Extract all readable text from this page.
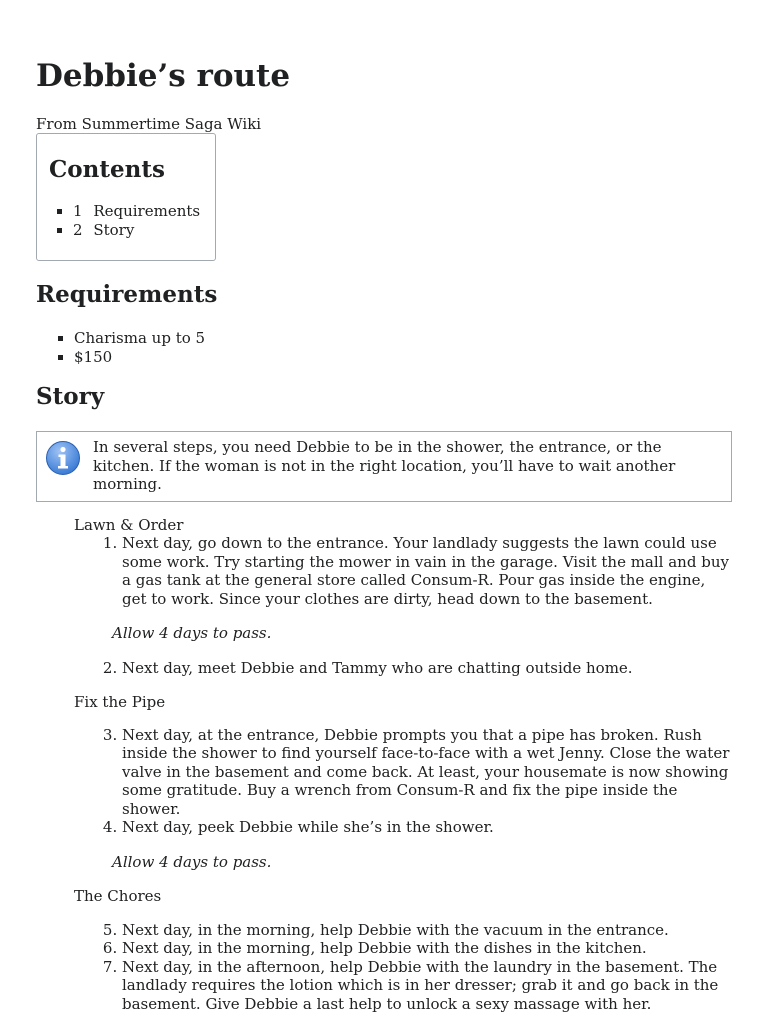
Debbie’s route
From Summertime Saga Wiki
Contents
▪ 1 Requirements
▪ 2 Story
Requirements
▪ Charisma up to 5
▪ $150
Story
In several steps, you need Debbie to be in the shower, the entrance, or the kitchen. If the woman is not in the right location, you’ll have to wait another morning.
Lawn & Order
1. Next day, go down to the entrance. Your landlady suggests the lawn could use some work. Try starting the mower in vain in the garage. Visit the mall and buy a gas tank at the general store called Consum-R. Pour gas inside the engine, get to work. Since your clothes are dirty, head down to the basement.
Allow 4 days to pass.
2. Next day, meet Debbie and Tammy who are chatting outside home.
Fix the Pipe
3. Next day, at the entrance, Debbie prompts you that a pipe has broken. Rush inside the shower to find yourself face-to-face with a wet Jenny. Close the water valve in the basement and come back. At least, your housemate is now showing some gratitude. Buy a wrench from Consum-R and fix the pipe inside the shower.
4. Next day, peek Debbie while she’s in the shower.
Allow 4 days to pass.
The Chores
5. Next day, in the morning, help Debbie with the vacuum in the entrance.
6. Next day, in the morning, help Debbie with the dishes in the kitchen.
7. Next day, in the afternoon, help Debbie with the laundry in the basement. The landlady requires the lotion which is in her dresser; grab it and go back in the basement. Give Debbie a last help to unlock a sexy massage with her.
